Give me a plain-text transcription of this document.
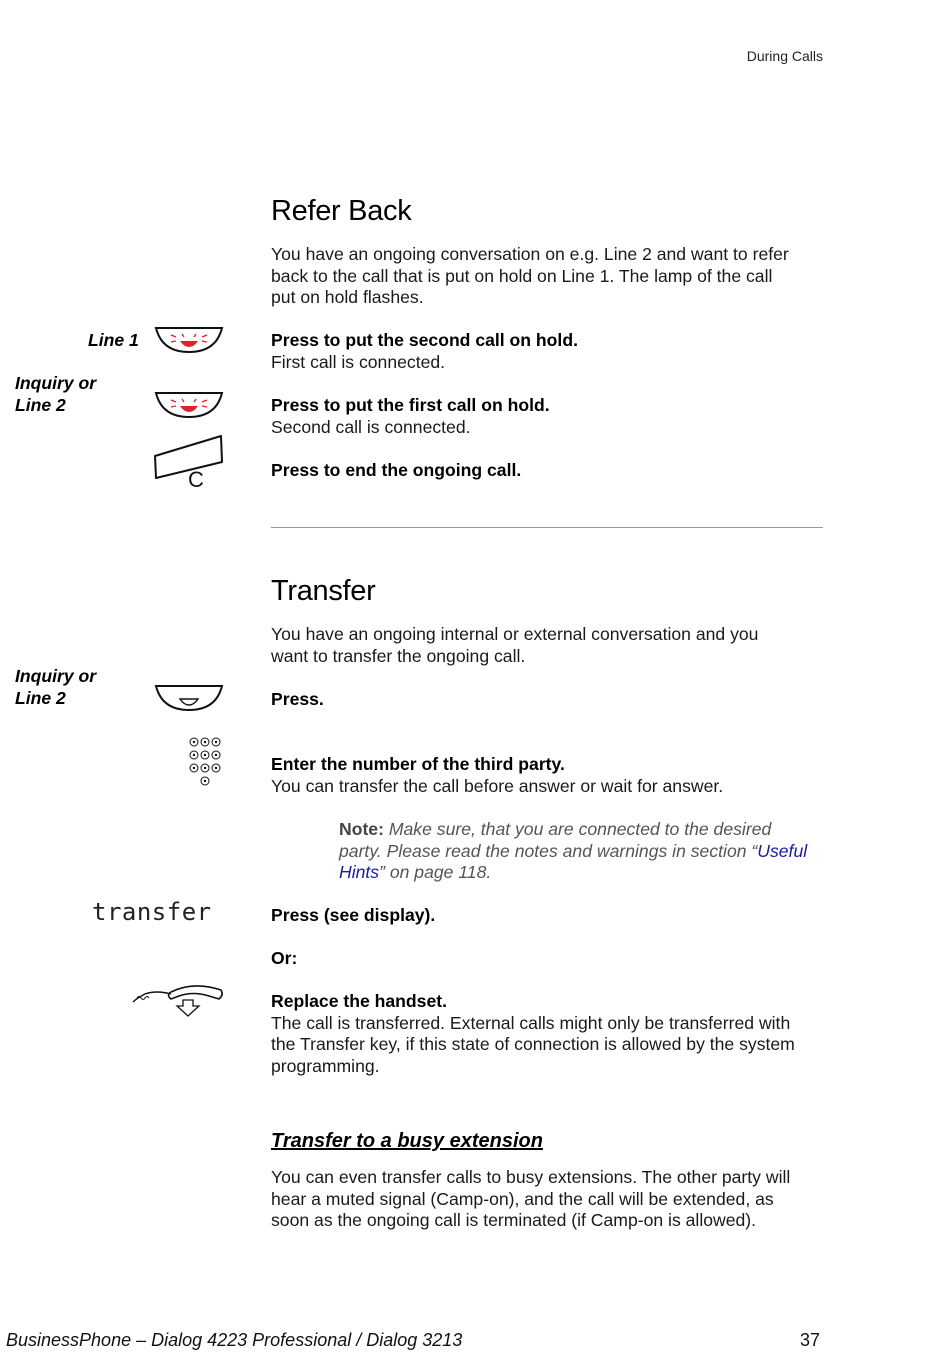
During Calls
Refer Back
You have an ongoing conversation on e.g. Line 2 and want to refer
back to the call that is put on hold on Line 1. The lamp of the call
put on hold flashes.
Line 1	Press to put the second call on hold.
First call is connected.
Inquiry or
Line 2	Press to put the first call on hold.
Second call is connected.
C	Press to end the ongoing call.
Transfer
You have an ongoing internal or external conversation and you
want to transfer the ongoing call.
Inquiry or
Line 2	Press.
Enter the number of the third party.
You can transfer the call before answer or wait for answer.
Note: Make sure, that you are connected to the desired
party. Please read the notes and warnings in section “Useful
Hints” on page 118.
transfer	Press (see display).
Or:
Replace the handset.
The call is transferred. External calls might only be transferred with
the Transfer key, if this state of connection is allowed by the system
programming.
Transfer to a busy extension
You can even transfer calls to busy extensions. The other party will
hear a muted signal (Camp-on), and the call will be extended, as
soon as the ongoing call is terminated (if Camp-on is allowed).
BusinessPhone – Dialog 4223 Professional / Dialog 3213	37
